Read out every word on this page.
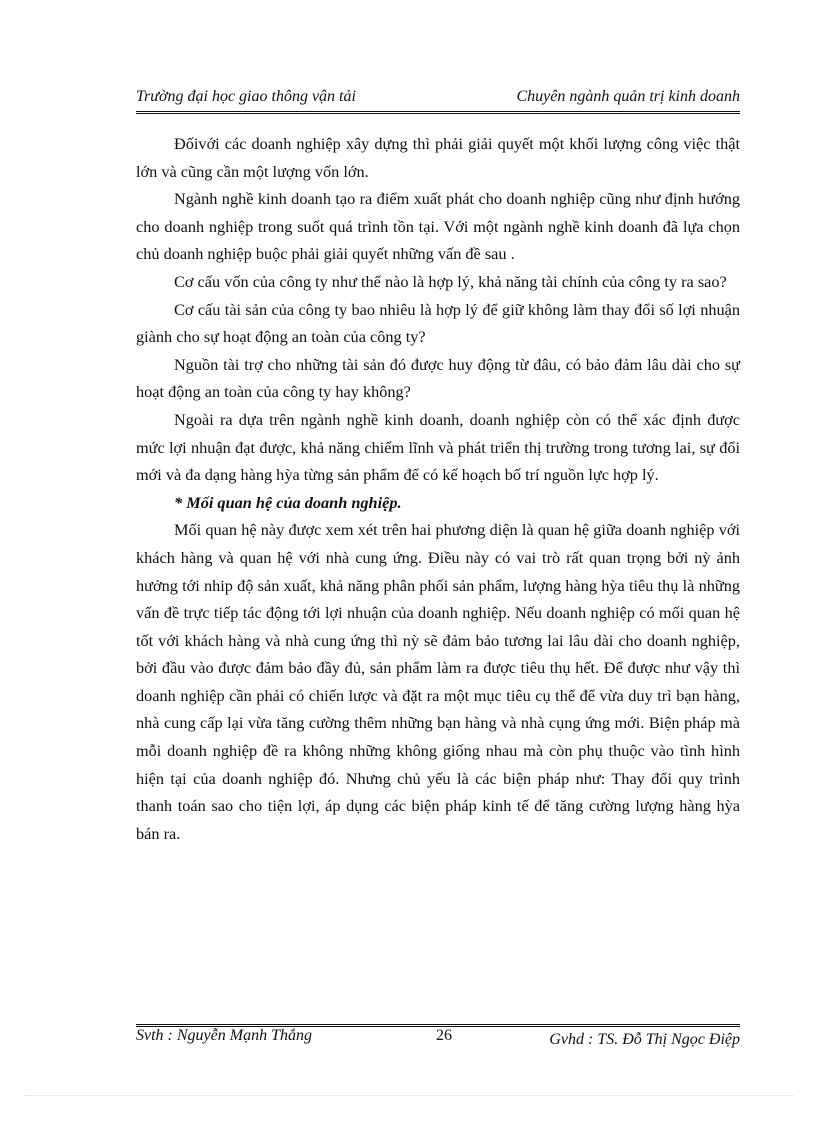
Trường đại học giao thông vận tải	Chuyên ngành quản trị kinh doanh

Đốivới các doanh nghiệp xây dựng thì phải giải quyết một khối lượng công việc thật lớn và cũng cần một lượng vốn lớn.

Ngành nghề kinh doanh tạo ra điểm xuất phát cho doanh nghiệp cũng như định hướng cho doanh nghiệp trong suốt quá trình tồn tại. Với một ngành nghề kinh doanh đã lựa chọn chủ doanh nghiệp buộc phải giải quyết những vấn đề sau .

Cơ cấu vốn của công ty như thế nào là hợp lý, khả năng tài chính của công ty ra sao?

Cơ cấu tài sản của công ty bao nhiêu là hợp lý để giữ không làm thay đổi số lợi nhuận giành cho sự hoạt động an toàn của công ty?

Nguồn tài trợ cho những tài sản đó được huy động từ đâu, có bảo đảm lâu dài cho sự hoạt động an toàn của công ty hay không?

Ngoài ra dựa trên ngành nghề kinh doanh, doanh nghiệp còn có thể xác định được mức lợi nhuận đạt được, khả năng chiếm lĩnh và phát triển thị trường trong tương lai, sự đổi mới và đa dạng hàng hỳa từng sản phẩm để có kế hoạch bố trí nguồn lực hợp lý.

* Mối quan hệ của doanh nghiệp.

Mối quan hệ này được xem xét trên hai phương diện là quan hệ giữa doanh nghiệp với khách hàng và quan hệ với nhà cung ứng. Điều này có vai trò rất quan trọng bởi nỳ ảnh hưởng tới nhip độ sản xuất, khả năng phân phối sản phẩm, lượng hàng hỳa tiêu thụ là những vấn đề trực tiếp tác động tới lợi nhuận của doanh nghiệp. Nếu doanh nghiệp có mối quan hệ tốt với khách hàng và nhà cung ứng thì nỳ sẽ đảm bảo tương lai lâu dài cho doanh nghiệp, bởi đầu vào được đảm bảo đầy đủ, sản phẩm làm ra được tiêu thụ hết. Để được như vậy thì doanh nghiệp cần phải có chiến lược và đặt ra một mục tiêu cụ thể để vừa duy trì bạn hàng, nhà cung cấp lại vừa tăng cường thêm những bạn hàng và nhà cụng ứng mới. Biện pháp mà mỗi doanh nghiệp đề ra không những không giống nhau mà còn phụ thuộc vào tình hình hiện tại của doanh nghiệp đó. Nhưng chủ yếu là các biện pháp như: Thay đổi quy trình thanh toán sao cho tiện lợi, áp dụng các biện pháp kinh tế để tăng cường lượng hàng hỳa bán ra.

Svth : Nguyễn Mạnh Thắng	26	Gvhd : TS. Đỗ Thị Ngọc Điệp
